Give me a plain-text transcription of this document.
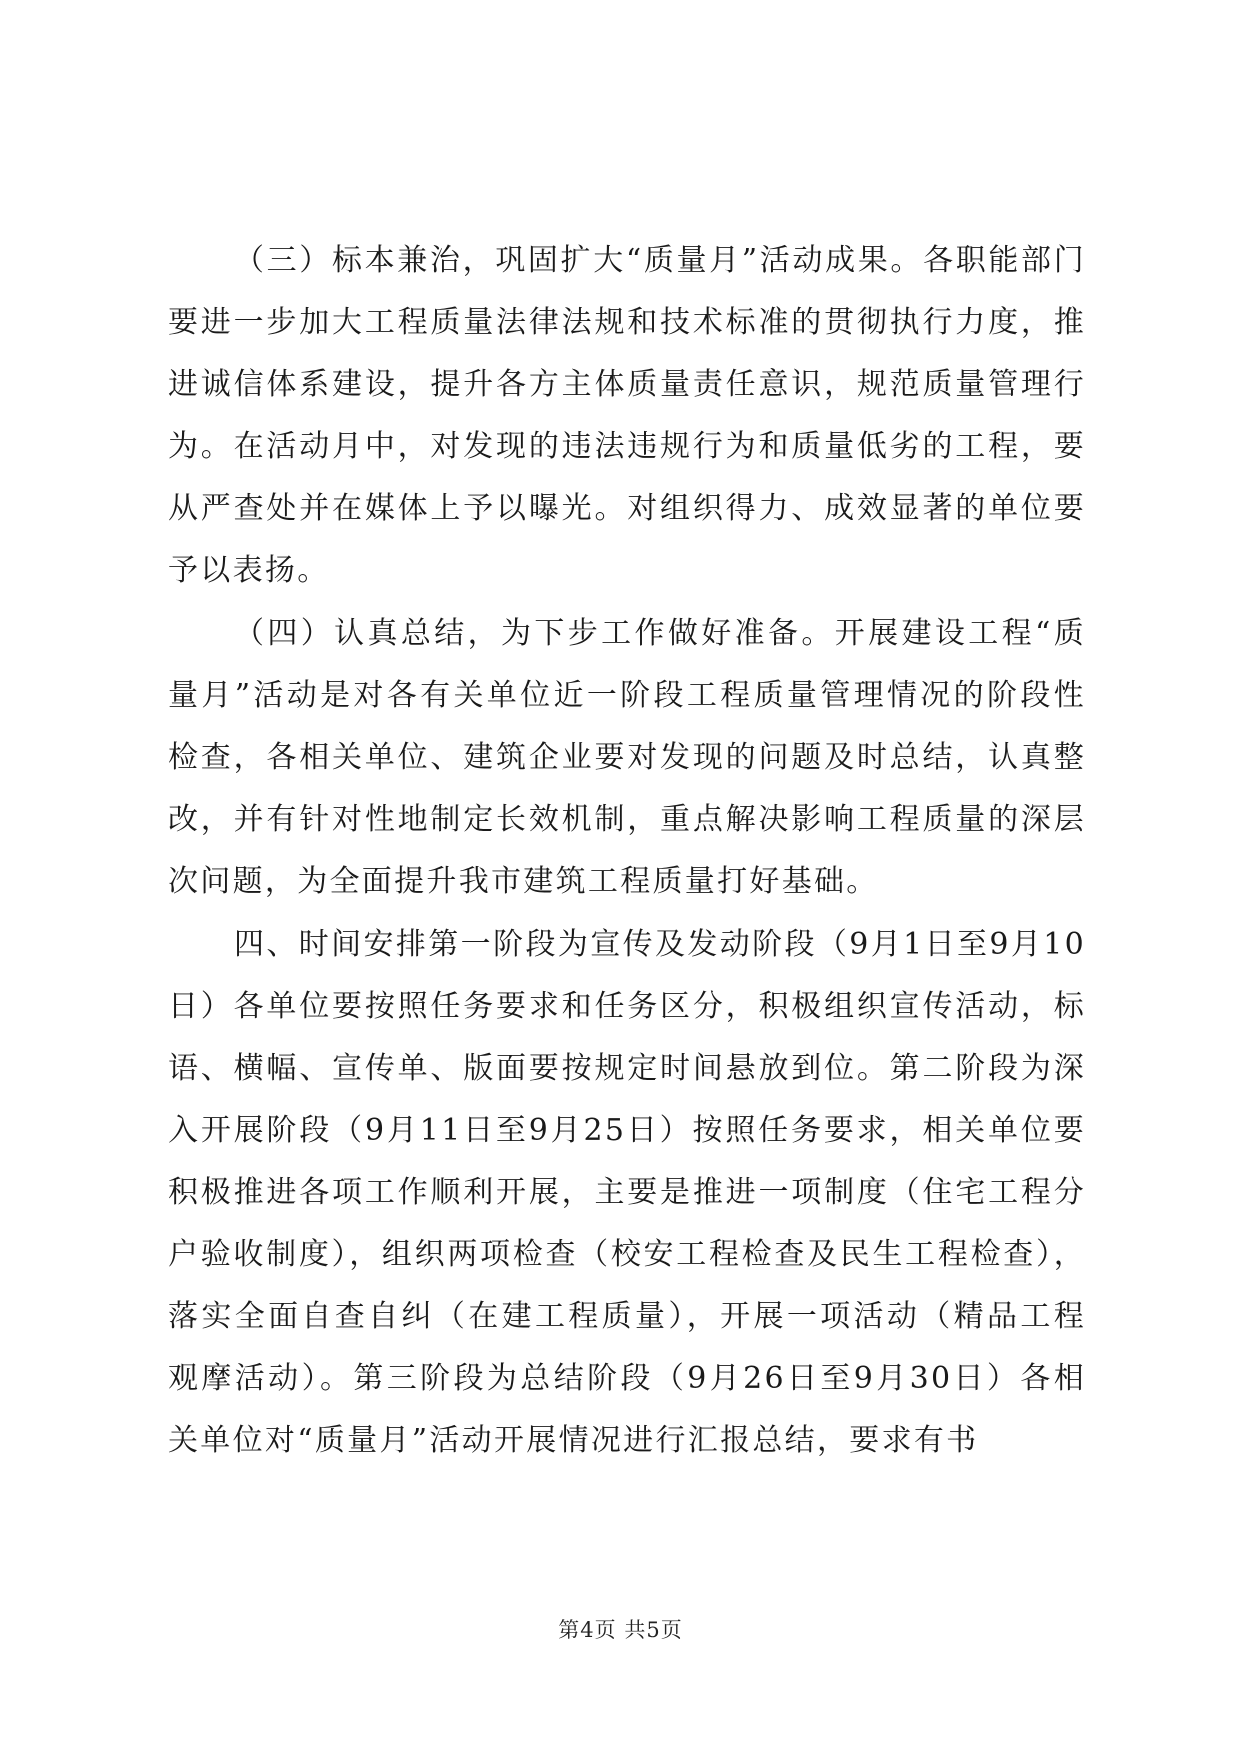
（三）标本兼治，巩固扩大“质量月”活动成果。各职能部门要进一步加大工程质量法律法规和技术标准的贯彻执行力度，推进诚信体系建设，提升各方主体质量责任意识，规范质量管理行为。在活动月中，对发现的违法违规行为和质量低劣的工程，要从严查处并在媒体上予以曝光。对组织得力、成效显著的单位要予以表扬。

（四）认真总结，为下步工作做好准备。开展建设工程“质量月”活动是对各有关单位近一阶段工程质量管理情况的阶段性检查，各相关单位、建筑企业要对发现的问题及时总结，认真整改，并有针对性地制定长效机制，重点解决影响工程质量的深层次问题，为全面提升我市建筑工程质量打好基础。

四、时间安排第一阶段为宣传及发动阶段（9月1日至9月10日）各单位要按照任务要求和任务区分，积极组织宣传活动，标语、横幅、宣传单、版面要按规定时间悬放到位。第二阶段为深入开展阶段（9月11日至9月25日）按照任务要求，相关单位要积极推进各项工作顺利开展，主要是推进一项制度（住宅工程分户验收制度），组织两项检查（校安工程检查及民生工程检查），落实全面自查自纠（在建工程质量），开展一项活动（精品工程观摩活动）。第三阶段为总结阶段（9月26日至9月30日）各相关单位对“质量月”活动开展情况进行汇报总结，要求有书

第4页 共5页
